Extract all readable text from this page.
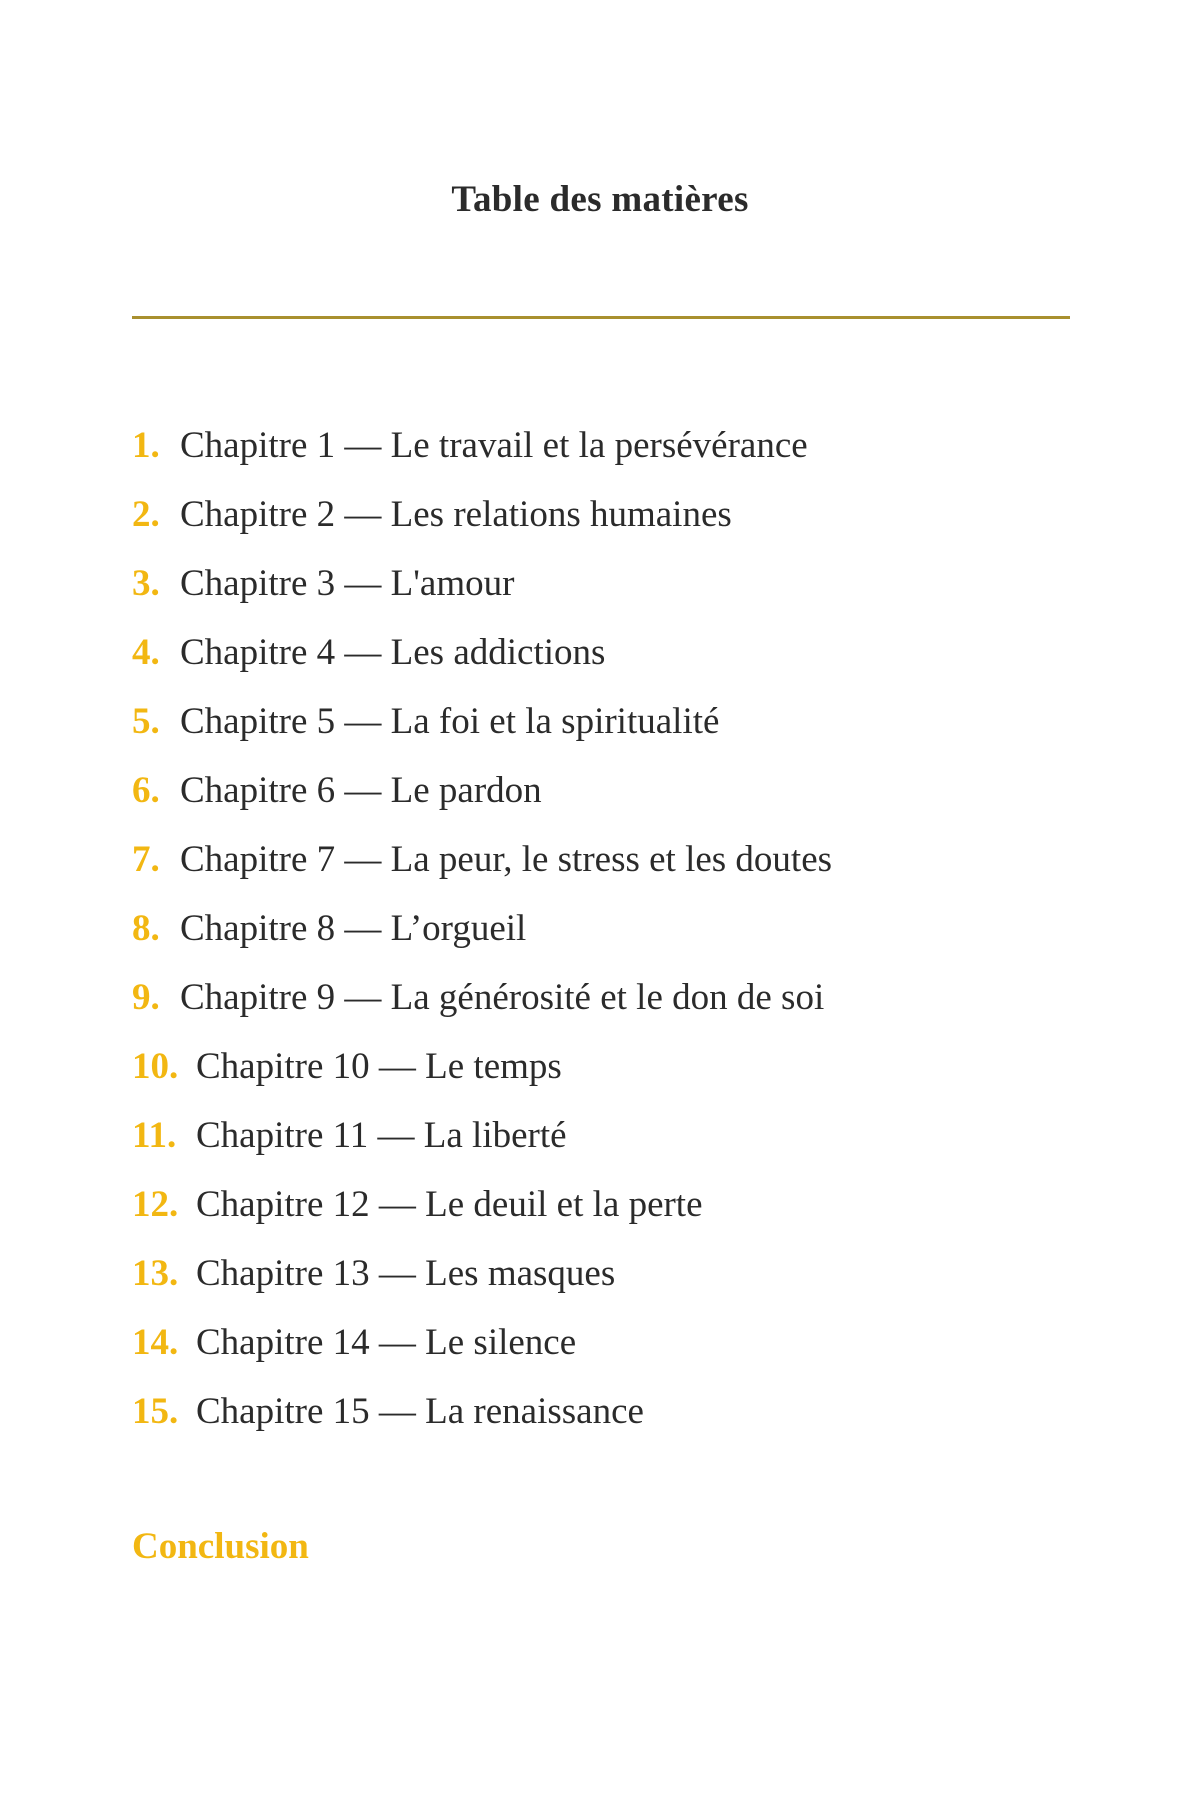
Table des matières
1. Chapitre 1 — Le travail et la persévérance
2. Chapitre 2 — Les relations humaines
3. Chapitre 3 — L'amour
4. Chapitre 4 — Les addictions
5. Chapitre 5 — La foi et la spiritualité
6. Chapitre 6 — Le pardon
7. Chapitre 7 — La peur, le stress et les doutes
8. Chapitre 8 — L’orgueil
9. Chapitre 9 — La générosité et le don de soi
10. Chapitre 10 — Le temps
11. Chapitre 11 — La liberté
12. Chapitre 12 — Le deuil et la perte
13. Chapitre 13 — Les masques
14. Chapitre 14 — Le silence
15. Chapitre 15 — La renaissance
Conclusion
